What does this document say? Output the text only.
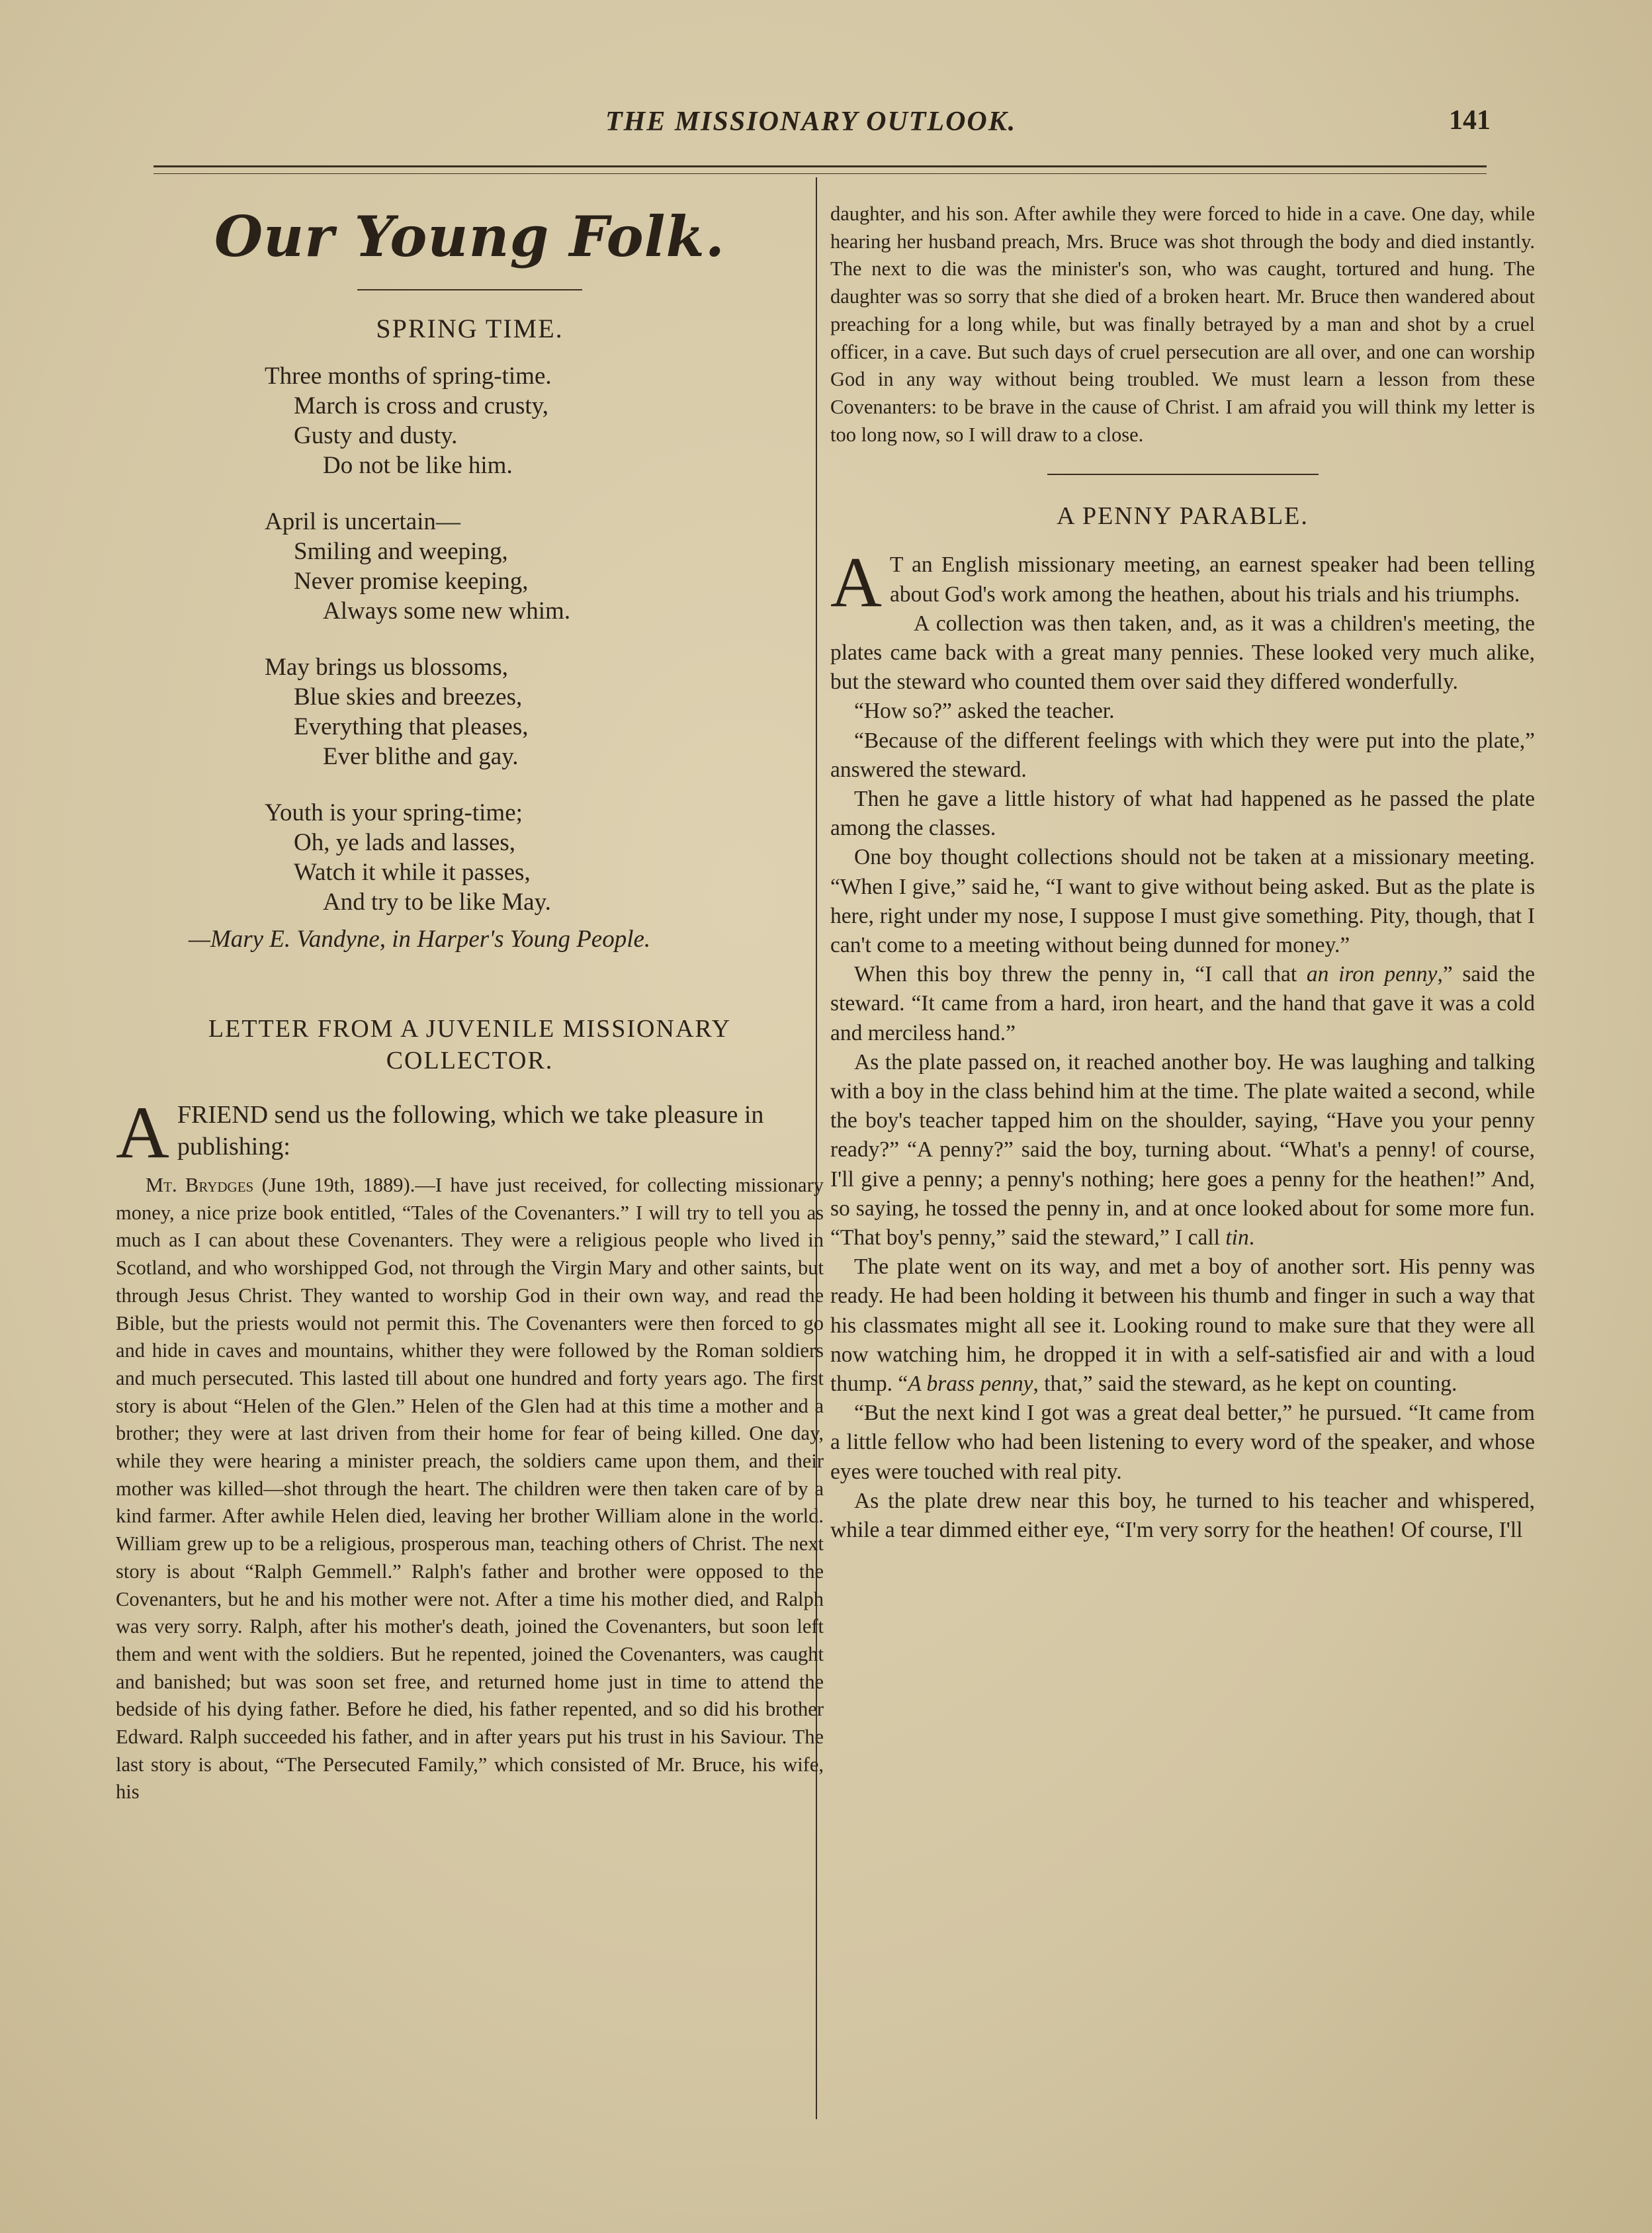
THE MISSIONARY OUTLOOK.	141
Our Young Folk.
SPRING TIME.
Three months of spring-time.
March is cross and crusty,
Gusty and dusty.
Do not be like him.
April is uncertain—
Smiling and weeping,
Never promise keeping,
Always some new whim.
May brings us blossoms,
Blue skies and breezes,
Everything that pleases,
Ever blithe and gay.
Youth is your spring-time;
Oh, ye lads and lasses,
Watch it while it passes,
And try to be like May.
—Mary E. Vandyne, in Harper's Young People.
LETTER FROM A JUVENILE MISSIONARY
COLLECTOR.
A FRIEND send us the following, which we take pleasure in publishing:

Mt. Brydges (June 19th, 1889).—I have just received, for collecting missionary money, a nice prize book entitled, “Tales of the Covenanters.” I will try to tell you as much as I can about these Covenanters. They were a religious people who lived in Scotland, and who worshipped God, not through the Virgin Mary and other saints, but through Jesus Christ. They wanted to worship God in their own way, and read the Bible, but the priests would not permit this. The Covenanters were then forced to go and hide in caves and mountains, whither they were followed by the Roman soldiers and much persecuted. This lasted till about one hundred and forty years ago. The first story is about “Helen of the Glen.” Helen of the Glen had at this time a mother and a brother; they were at last driven from their home for fear of being killed. One day, while they were hearing a minister preach, the soldiers came upon them, and their mother was killed—shot through the heart. The children were then taken care of by a kind farmer. After awhile Helen died, leaving her brother William alone in the world. William grew up to be a religious, prosperous man, teaching others of Christ. The next story is about “Ralph Gemmell.” Ralph's father and brother were opposed to the Covenanters, but he and his mother were not. After a time his mother died, and Ralph was very sorry. Ralph, after his mother's death, joined the Covenanters, but soon left them and went with the soldiers. But he repented, joined the Covenanters, was caught and banished; but was soon set free, and returned home just in time to attend the bedside of his dying father. Before he died, his father repented, and so did his brother Edward. Ralph succeeded his father, and in after years put his trust in his Saviour. The last story is about, “The Persecuted Family,” which consisted of Mr. Bruce, his wife, his

daughter, and his son. After awhile they were forced to hide in a cave. One day, while hearing her husband preach, Mrs. Bruce was shot through the body and died instantly. The next to die was the minister's son, who was caught, tortured and hung. The daughter was so sorry that she died of a broken heart. Mr. Bruce then wandered about preaching for a long while, but was finally betrayed by a man and shot by a cruel officer, in a cave. But such days of cruel persecution are all over, and one can worship God in any way without being troubled. We must learn a lesson from these Covenanters: to be brave in the cause of Christ. I am afraid you will think my letter is too long now, so I will draw to a close.
A PENNY PARABLE.

A T an English missionary meeting, an earnest speaker had been telling about God's work among the heathen, about his trials and his triumphs.

A collection was then taken, and, as it was a children's meeting, the plates came back with a great many pennies. These looked very much alike, but the steward who counted them over said they differed wonderfully.

“How so?” asked the teacher.

“Because of the different feelings with which they were put into the plate,” answered the steward.

Then he gave a little history of what had happened as he passed the plate among the classes.

One boy thought collections should not be taken at a missionary meeting. “When I give,” said he, “I want to give without being asked. But as the plate is here, right under my nose, I suppose I must give something. Pity, though, that I can't come to a meeting without being dunned for money.”

When this boy threw the penny in, “I call that an iron penny,” said the steward. “It came from a hard, iron heart, and the hand that gave it was a cold and merciless hand.”

As the plate passed on, it reached another boy. He was laughing and talking with a boy in the class behind him at the time. The plate waited a second, while the boy's teacher tapped him on the shoulder, saying, “Have you your penny ready?” “A penny?” said the boy, turning about. “What's a penny! of course, I'll give a penny; a penny's nothing; here goes a penny for the heathen!” And, so saying, he tossed the penny in, and at once looked about for some more fun. “That boy's penny,” said the steward,” I call tin.

The plate went on its way, and met a boy of another sort. His penny was ready. He had been holding it between his thumb and finger in such a way that his classmates might all see it. Looking round to make sure that they were all now watching him, he dropped it in with a self-satisfied air and with a loud thump. “A brass penny, that,” said the steward, as he kept on counting.

“But the next kind I got was a great deal better,” he pursued. “It came from a little fellow who had been listening to every word of the speaker, and whose eyes were touched with real pity.

As the plate drew near this boy, he turned to his teacher and whispered, while a tear dimmed either eye, “I'm very sorry for the heathen! Of course, I'll
